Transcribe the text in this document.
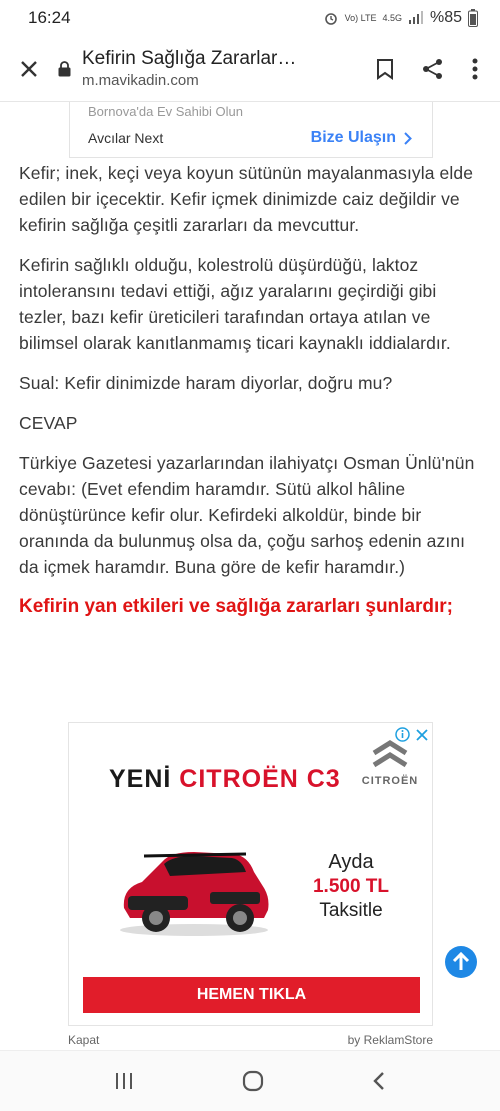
16:24	Vo) LTE 4.5G %85
Kefirin Sağlığa Zararlar…
m.mavikadin.com
Bornova'da Ev Sahibi Olun
Avcılar Next	Bize Ulaşın

Kefir; inek, keçi veya koyun sütünün mayalanmasıyla elde edilen bir içecektir. Kefir içmek dinimizde caiz değildir ve kefirin sağlığa çeşitli zararları da mevcuttur.

Kefirin sağlıklı olduğu, kolestrolü düşürdüğü, laktoz intoleransını tedavi ettiği, ağız yaralarını geçirdiği gibi tezler, bazı kefir üreticileri tarafından ortaya atılan ve bilimsel olarak kanıtlanmamış ticari kaynaklı iddialardır.

Sual: Kefir dinimizde haram diyorlar, doğru mu?

CEVAP

Türkiye Gazetesi yazarlarından ilahiyatçı Osman Ünlü'nün cevabı: (Evet efendim haramdır. Sütü alkol hâline dönüştürünce kefir olur. Kefirdeki alkoldür, binde bir oranında da bulunmuş olsa da, çoğu sarhoş edenin azını da içmek haramdır. Buna göre de kefir haramdır.)

Kefirin yan etkileri ve sağlığa zararları şunlardır;
YENİ CITROËN C3 CITROËN
Ayda
1.500 TL
Taksitle
HEMEN TIKLA
Kapat	by ReklamStore
